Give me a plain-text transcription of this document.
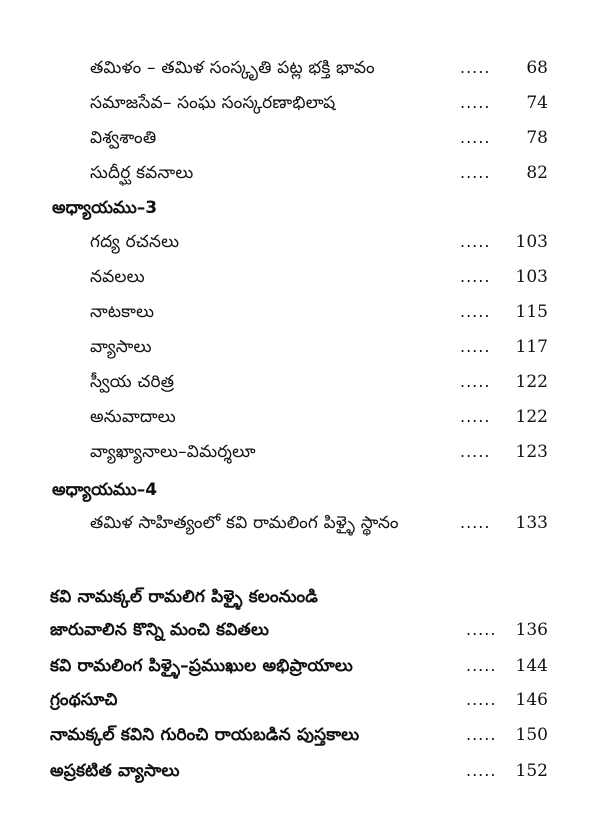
తమిళం – తమిళ సంస్కృతి పట్ల భక్తి భావం	..... 68
సమాజసేవ– సంఘ సంస్కరణాభిలాష	..... 74
విశ్వశాంతి	..... 78
సుదీర్ఘ కవనాలు	..... 82
అధ్యాయము–3
గద్య రచనలు	..... 103
నవలలు	..... 103
నాటకాలు	..... 115
వ్యాసాలు	..... 117
స్వీయ చరిత్ర	..... 122
అనువాదాలు	..... 122
వ్యాఖ్యానాలు–విమర్శలూ	..... 123
అధ్యాయము–4
తమిళ సాహిత్యంలో కవి రామలింగ పిళ్ళై స్థానం	..... 133
కవి నామక్కల్ రామలిగ పిళ్ళై కలంనుండి
జారువాలిన కొన్ని మంచి కవితలు	..... 136
కవి రామలింగ పిళ్ళై–ప్రముఖుల అభిప్రాయాలు	..... 144
గ్రంథసూచి	..... 146
నామక్కల్ కవిని గురించి రాయబడిన పుస్తకాలు	..... 150
అప్రకటిత వ్యాసాలు	..... 152
